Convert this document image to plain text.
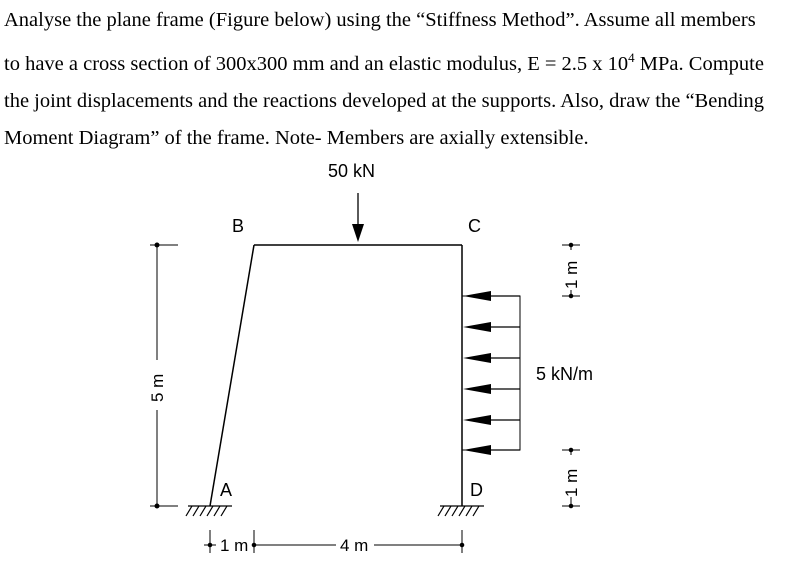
Analyse the plane frame (Figure below) using the “Stiffness Method”. Assume all members

to have a cross section of 300x300 mm and an elastic modulus, E = 2.5 x $10^4$ MPa. Compute

the joint displacements and the reactions developed at the supports. Also, draw the “Bending

Moment Diagram” of the frame. Note- Members are axially extensible.

50 kN
5 kN/m
B	C
A	D
5 m
1 m
1 m
1 m	4 m
